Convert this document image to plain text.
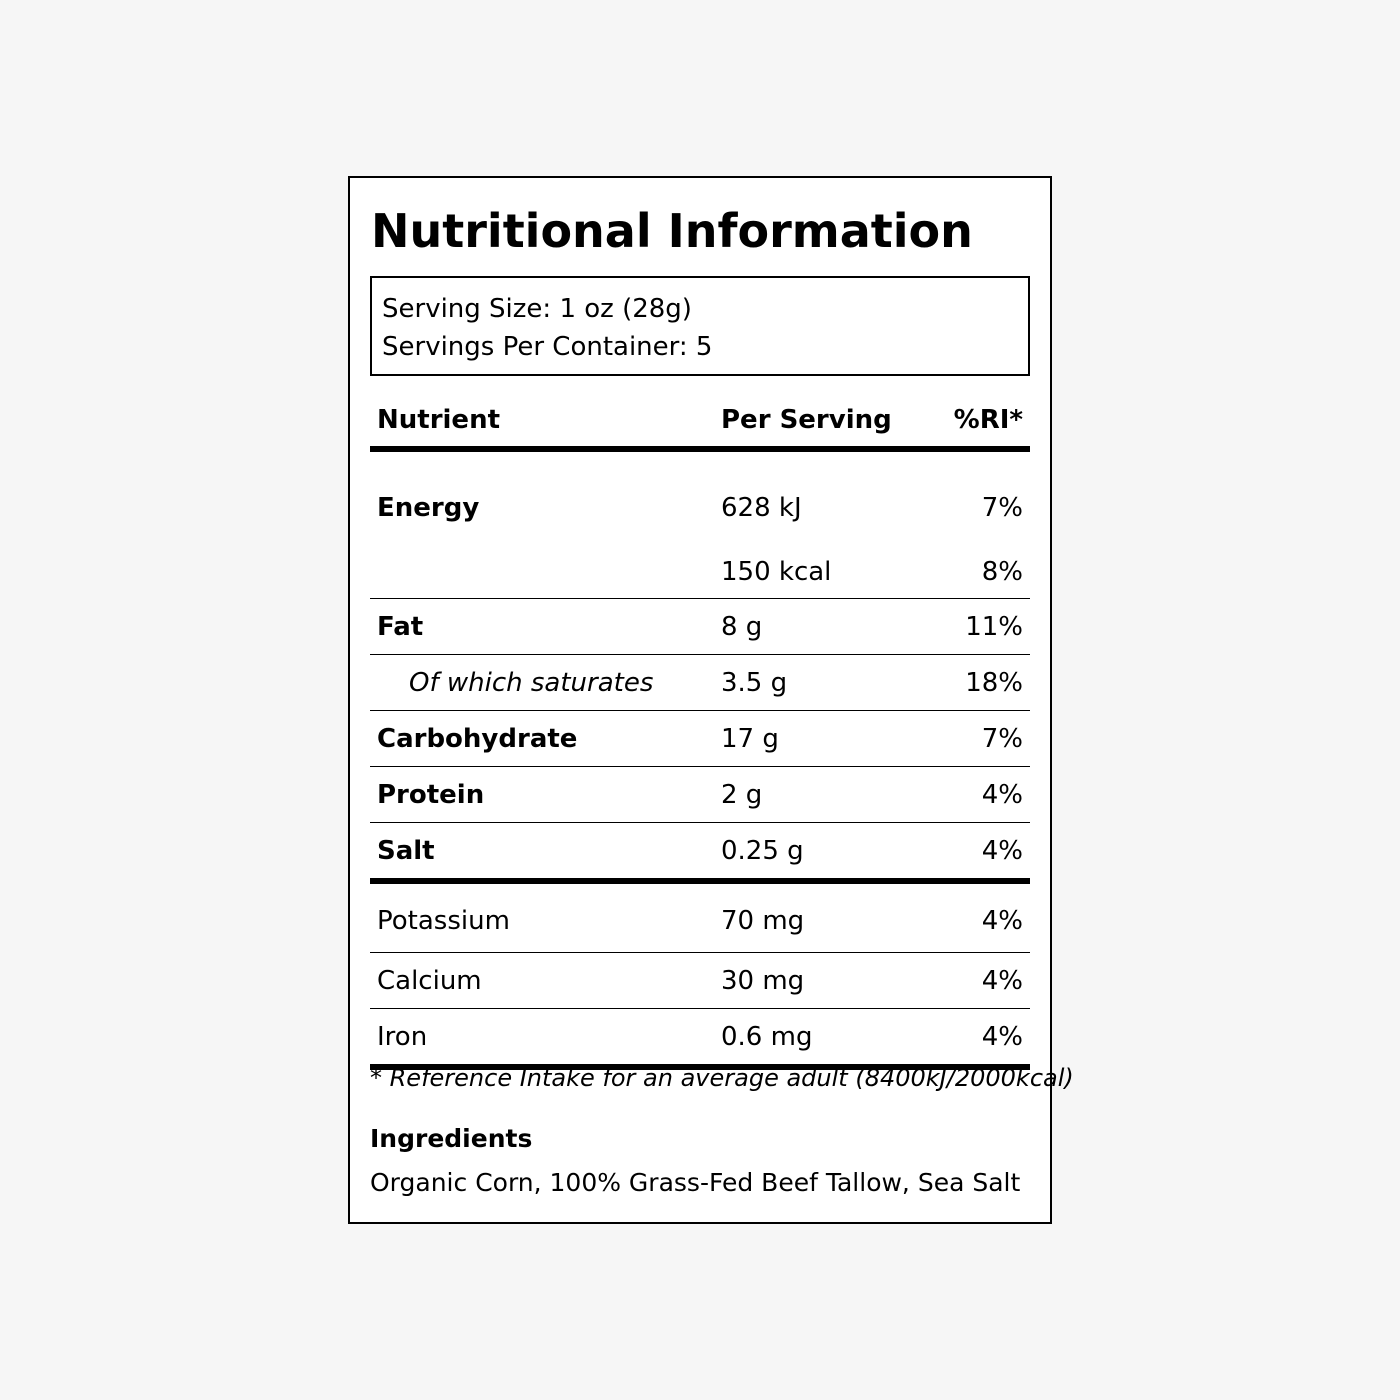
Nutritional Information
Serving Size: 1 oz (28g)
Servings Per Container: 5
Nutrient	Per Serving	%RI*
Energy	628 kJ	7%
	150 kcal	8%
Fat	8 g	11%
Of which saturates	3.5 g	18%
Carbohydrate	17 g	7%
Protein	2 g	4%
Salt	0.25 g	4%
Potassium	70 mg	4%
Calcium	30 mg	4%
Iron	0.6 mg	4%

* Reference Intake for an average adult (8400kJ/2000kcal)

Ingredients

Organic Corn, 100% Grass-Fed Beef Tallow, Sea Salt
